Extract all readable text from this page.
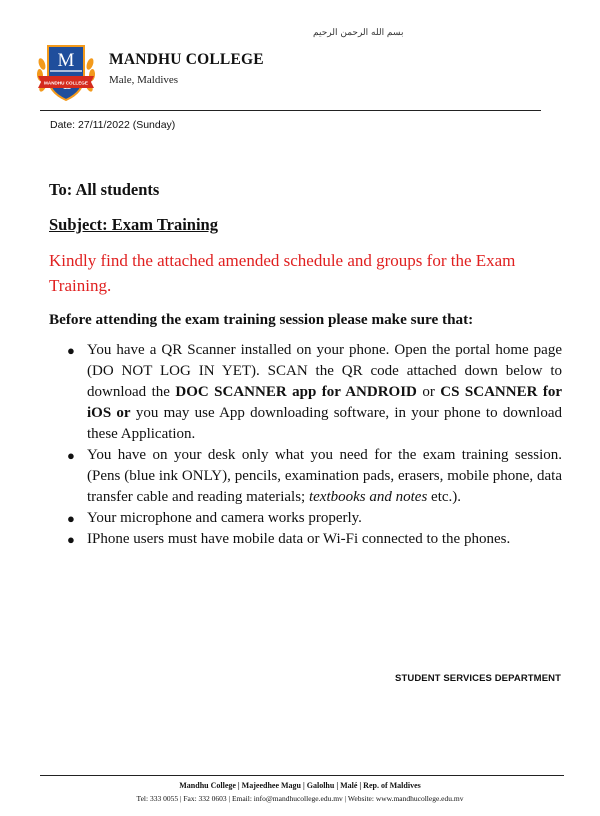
بسم الله الرحمن الرحيم
M
MANDHU COLLEGE
MANDHU COLLEGE
Male, Maldives
Date: 27/11/2022 (Sunday)
To: All students
Subject: Exam Training

Kindly find the attached amended schedule and groups for the Exam Training.

Before attending the exam training session please make sure that:
● You have a QR Scanner installed on your phone. Open the portal home page (DO NOT LOG IN YET). SCAN the QR code attached down below to download the DOC SCANNER app for ANDROID or CS SCANNER for iOS or you may use App downloading software, in your phone to download these Application.
● You have on your desk only what you need for the exam training session. (Pens (blue ink ONLY), pencils, examination pads, erasers, mobile phone, data transfer cable and reading materials; textbooks and notes etc.).
● Your microphone and camera works properly.
● IPhone users must have mobile data or Wi-Fi connected to the phones.
STUDENT SERVICES DEPARTMENT
Mandhu College | Majeedhee Magu | Galolhu | Malé | Rep. of Maldives
Tel: 333 0055 | Fax: 332 0603 | Email: info@mandhucollege.edu.mv | Website: www.mandhucollege.edu.mv
